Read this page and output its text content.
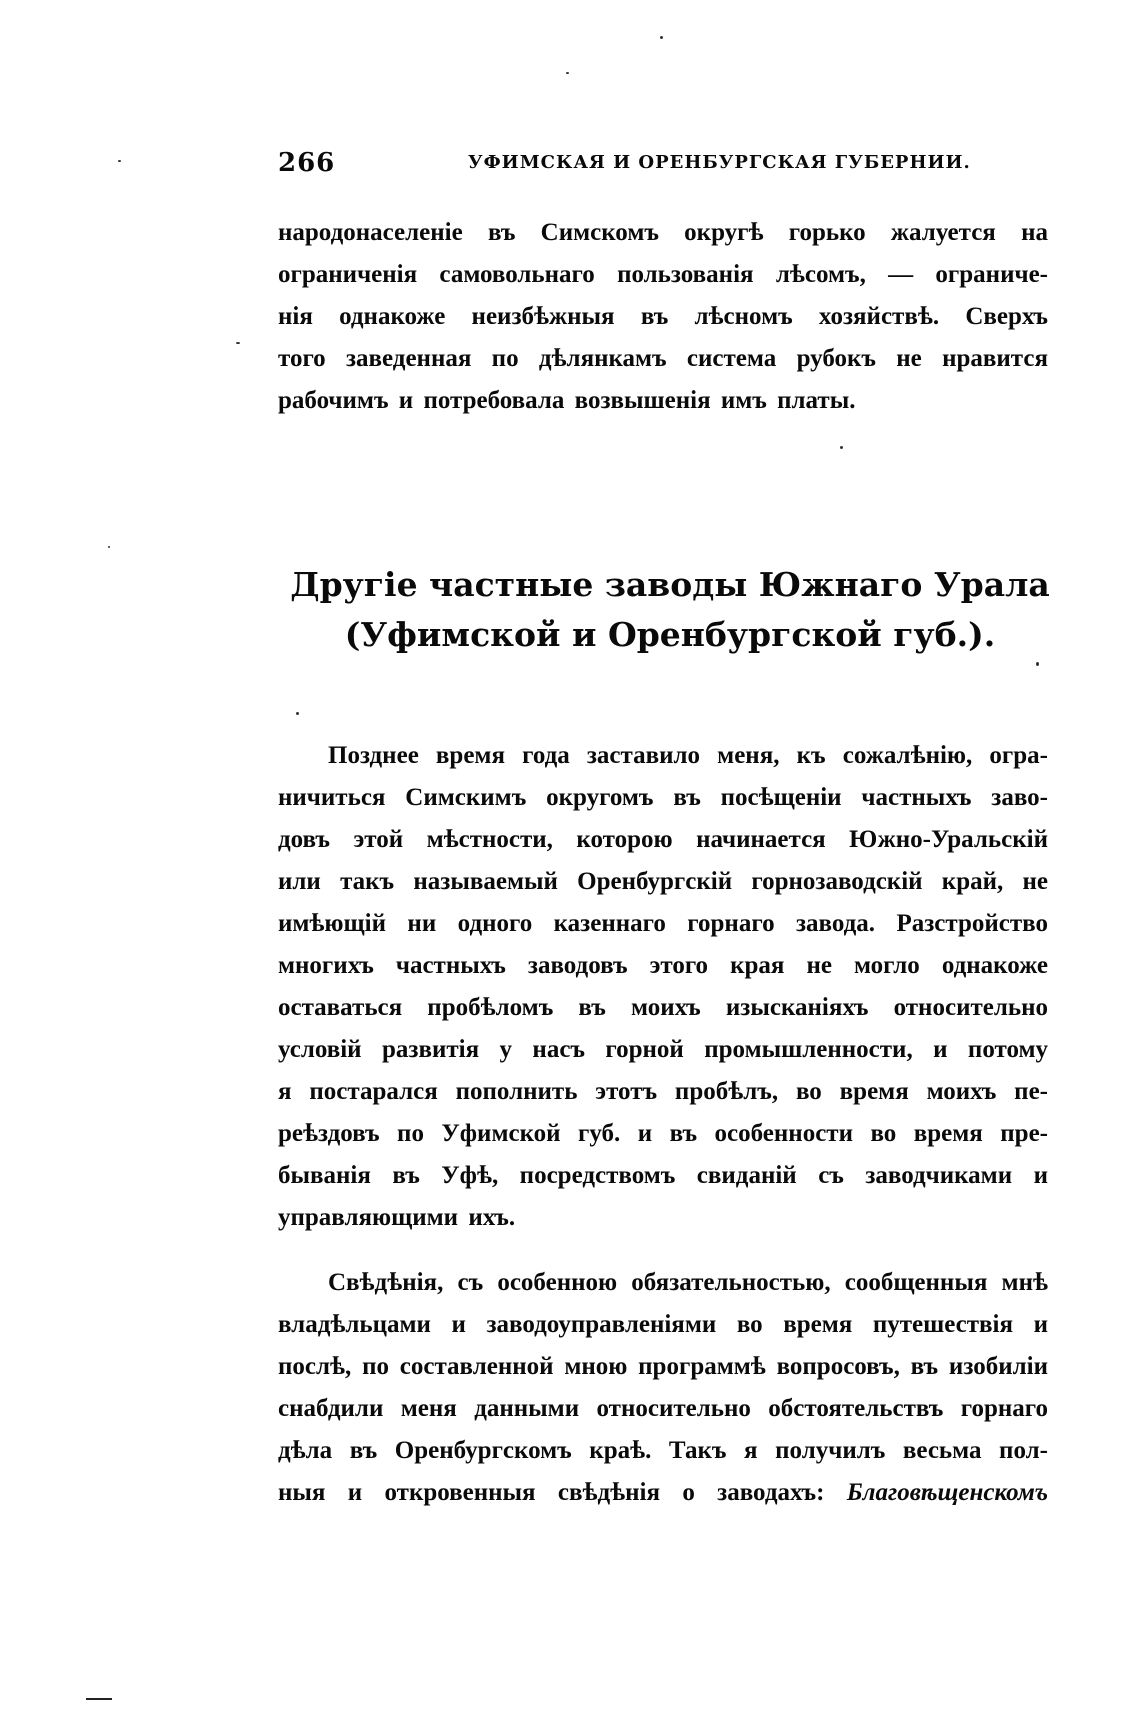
266	УФИМСКАЯ И ОРЕНБУРГСКАЯ ГУБЕРНИИ.
народонаселеніе въ Симскомъ округѣ горько жалуется на
ограниченія самовольнаго пользованія лѣсомъ, — ограниче-
нія однакоже неизбѣжныя въ лѣсномъ хозяйствѣ. Сверхъ
того заведенная по дѣлянкамъ система рубокъ не нравится
рабочимъ и потребовала возвышенія имъ платы.
Другіе частные заводы Южнаго Урала
(Уфимской и Оренбургской губ.).
Позднее время года заставило меня, къ сожалѣнію, огра-
ничиться Симскимъ округомъ въ посѣщеніи частныхъ заво-
довъ этой мѣстности, которою начинается Южно-Уральскій
или такъ называемый Оренбургскій горнозаводскій край, не
имѣющій ни одного казеннаго горнаго завода. Разстройство
многихъ частныхъ заводовъ этого края не могло однакоже
оставаться пробѣломъ въ моихъ изысканіяхъ относительно
условій развитія у насъ горной промышленности, и потому
я постарался пополнить этотъ пробѣлъ, во время моихъ пе-
реѣздовъ по Уфимской губ. и въ особенности во время пре-
быванія въ Уфѣ, посредствомъ свиданій съ заводчиками и
управляющими ихъ.
Свѣдѣнія, съ особенною обязательностью, сообщенныя мнѣ
владѣльцами и заводоуправленіями во время путешествія и
послѣ, по составленной мною программѣ вопросовъ, въ изобиліи
снабдили меня данными относительно обстоятельствъ горнаго
дѣла въ Оренбургскомъ краѣ. Такъ я получилъ весьма пол-
ныя и откровенныя свѣдѣнія о заводахъ: Благовѣщенскомъ
